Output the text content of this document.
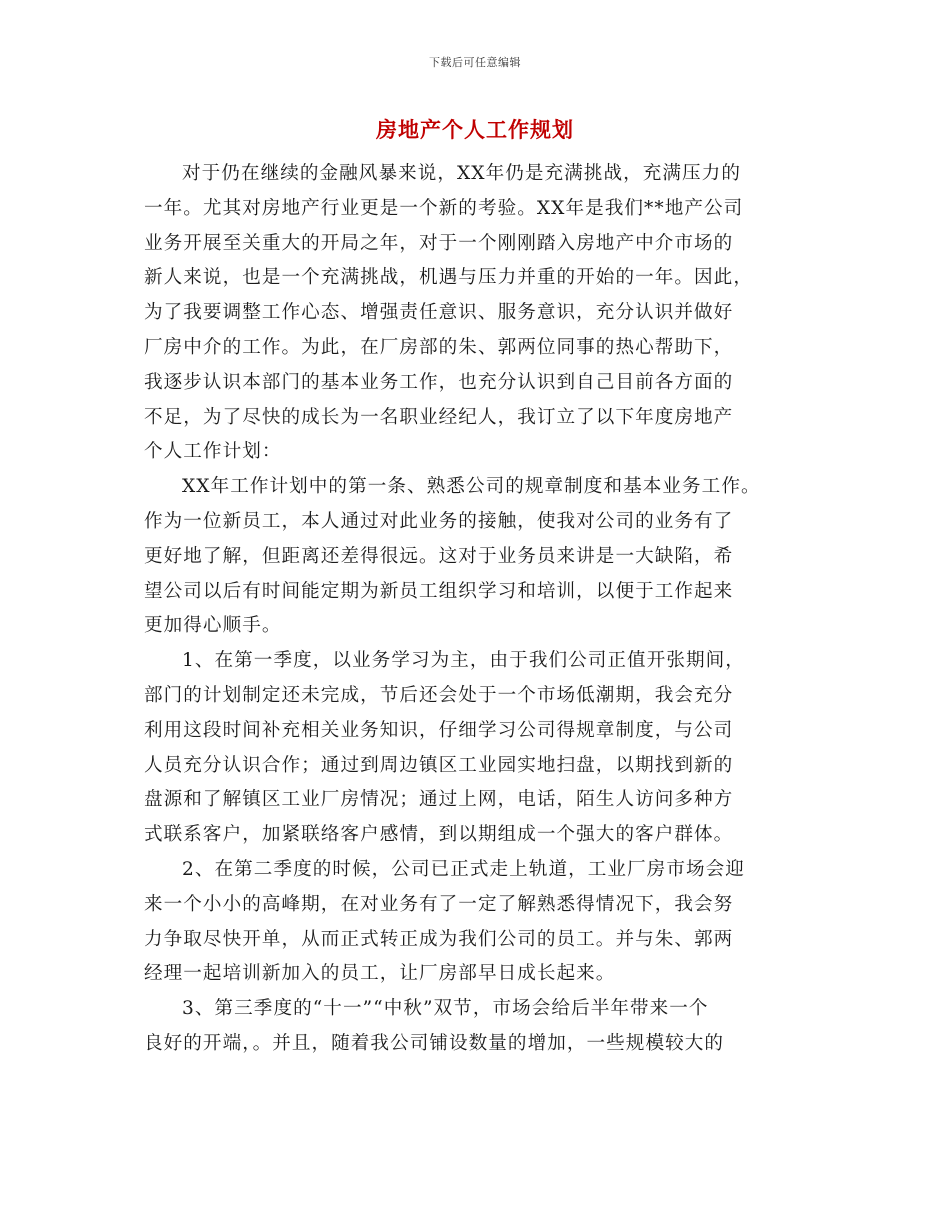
下载后可任意编辑
房地产个人工作规划
对于仍在继续的金融风暴来说，XX年仍是充满挑战，充满压力的
一年。尤其对房地产行业更是一个新的考验。XX年是我们**地产公司
业务开展至关重大的开局之年，对于一个刚刚踏入房地产中介市场的
新人来说，也是一个充满挑战，机遇与压力并重的开始的一年。因此，
为了我要调整工作心态、增强责任意识、服务意识，充分认识并做好
厂房中介的工作。为此，在厂房部的朱、郭两位同事的热心帮助下，
我逐步认识本部门的基本业务工作，也充分认识到自己目前各方面的
不足，为了尽快的成长为一名职业经纪人，我订立了以下年度房地产
个人工作计划：
XX年工作计划中的第一条、熟悉公司的规章制度和基本业务工作。
作为一位新员工，本人通过对此业务的接触，使我对公司的业务有了
更好地了解，但距离还差得很远。这对于业务员来讲是一大缺陷，希
望公司以后有时间能定期为新员工组织学习和培训，以便于工作起来
更加得心顺手。
1、在第一季度，以业务学习为主，由于我们公司正值开张期间，
部门的计划制定还未完成，节后还会处于一个市场低潮期，我会充分
利用这段时间补充相关业务知识，仔细学习公司得规章制度，与公司
人员充分认识合作；通过到周边镇区工业园实地扫盘，以期找到新的
盘源和了解镇区工业厂房情况；通过上网，电话，陌生人访问多种方
式联系客户，加紧联络客户感情，到以期组成一个强大的客户群体。
2、在第二季度的时候，公司已正式走上轨道，工业厂房市场会迎
来一个小小的高峰期，在对业务有了一定了解熟悉得情况下，我会努
力争取尽快开单，从而正式转正成为我们公司的员工。并与朱、郭两
经理一起培训新加入的员工，让厂房部早日成长起来。
3、第三季度的“十一”“中秋”双节，市场会给后半年带来一个
良好的开端，。并且，随着我公司铺设数量的增加，一些规模较大的
